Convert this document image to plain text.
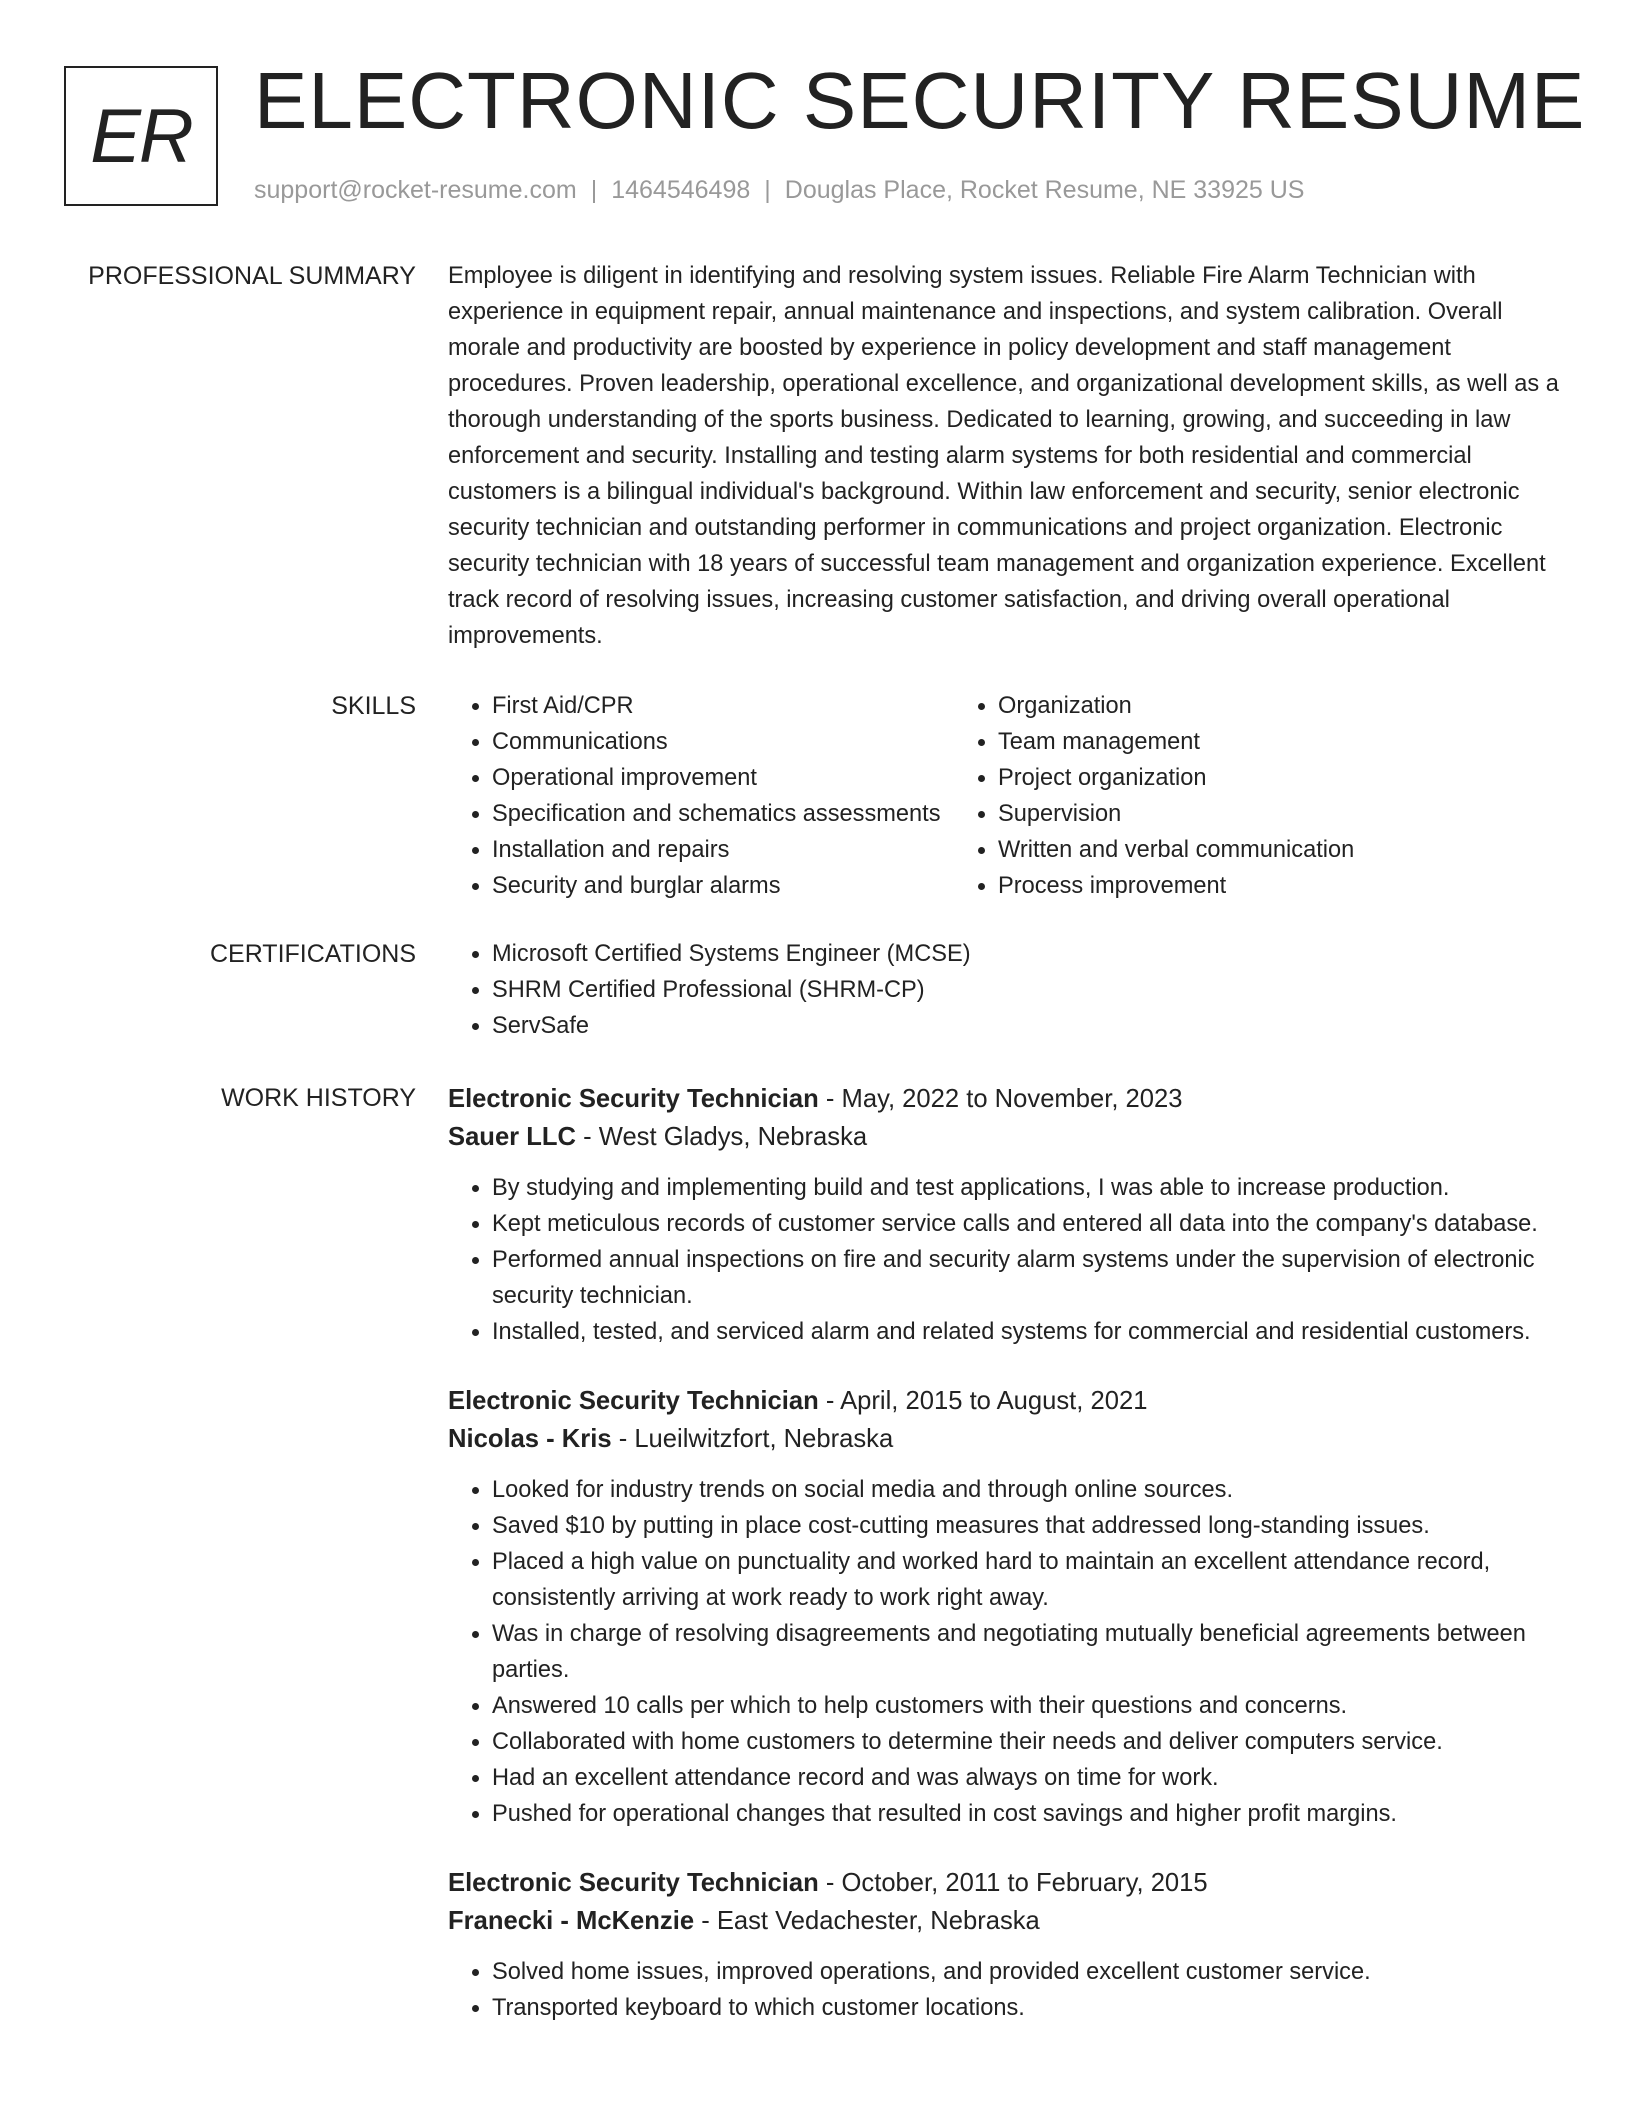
ER ELECTRONIC SECURITY RESUME
support@rocket-resume.com | 1464546498 | Douglas Place, Rocket Resume, NE 33925 US
PROFESSIONAL SUMMARY Employee is diligent in identifying and resolving system issues. Reliable Fire Alarm Technician with experience in equipment repair, annual maintenance and inspections, and system calibration. Overall morale and productivity are boosted by experience in policy development and staff management procedures. Proven leadership, operational excellence, and organizational development skills, as well as a thorough understanding of the sports business. Dedicated to learning, growing, and succeeding in law enforcement and security. Installing and testing alarm systems for both residential and commercial customers is a bilingual individual's background. Within law enforcement and security, senior electronic security technician and outstanding performer in communications and project organization. Electronic security technician with 18 years of successful team management and organization experience. Excellent track record of resolving issues, increasing customer satisfaction, and driving overall operational improvements.

SKILLS	• First Aid/CPR
• Communications
• Operational improvement
• Specification and schematics assessments
• Installation and repairs
• Security and burglar alarms
• Organization
• Team management
• Project organization
• Supervision
• Written and verbal communication
• Process improvement
CERTIFICATIONS	• Microsoft Certified Systems Engineer (MCSE)
• SHRM Certified Professional (SHRM-CP)
• ServSafe
WORK HISTORY Electronic Security Technician - May, 2022 to November, 2023
Sauer LLC - West Gladys, Nebraska
• By studying and implementing build and test applications, I was able to increase production.
• Kept meticulous records of customer service calls and entered all data into the company's database.
• Performed annual inspections on fire and security alarm systems under the supervision of electronic security technician.
• Installed, tested, and serviced alarm and related systems for commercial and residential customers.
Electronic Security Technician - April, 2015 to August, 2021
Nicolas - Kris - Lueilwitzfort, Nebraska
• Looked for industry trends on social media and through online sources.
• Saved $10 by putting in place cost-cutting measures that addressed long-standing issues.
• Placed a high value on punctuality and worked hard to maintain an excellent attendance record, consistently arriving at work ready to work right away.
• Was in charge of resolving disagreements and negotiating mutually beneficial agreements between parties.
• Answered 10 calls per which to help customers with their questions and concerns.
• Collaborated with home customers to determine their needs and deliver computers service.
• Had an excellent attendance record and was always on time for work.
• Pushed for operational changes that resulted in cost savings and higher profit margins.
Electronic Security Technician - October, 2011 to February, 2015
Franecki - McKenzie - East Vedachester, Nebraska
• Solved home issues, improved operations, and provided excellent customer service.
• Transported keyboard to which customer locations.
